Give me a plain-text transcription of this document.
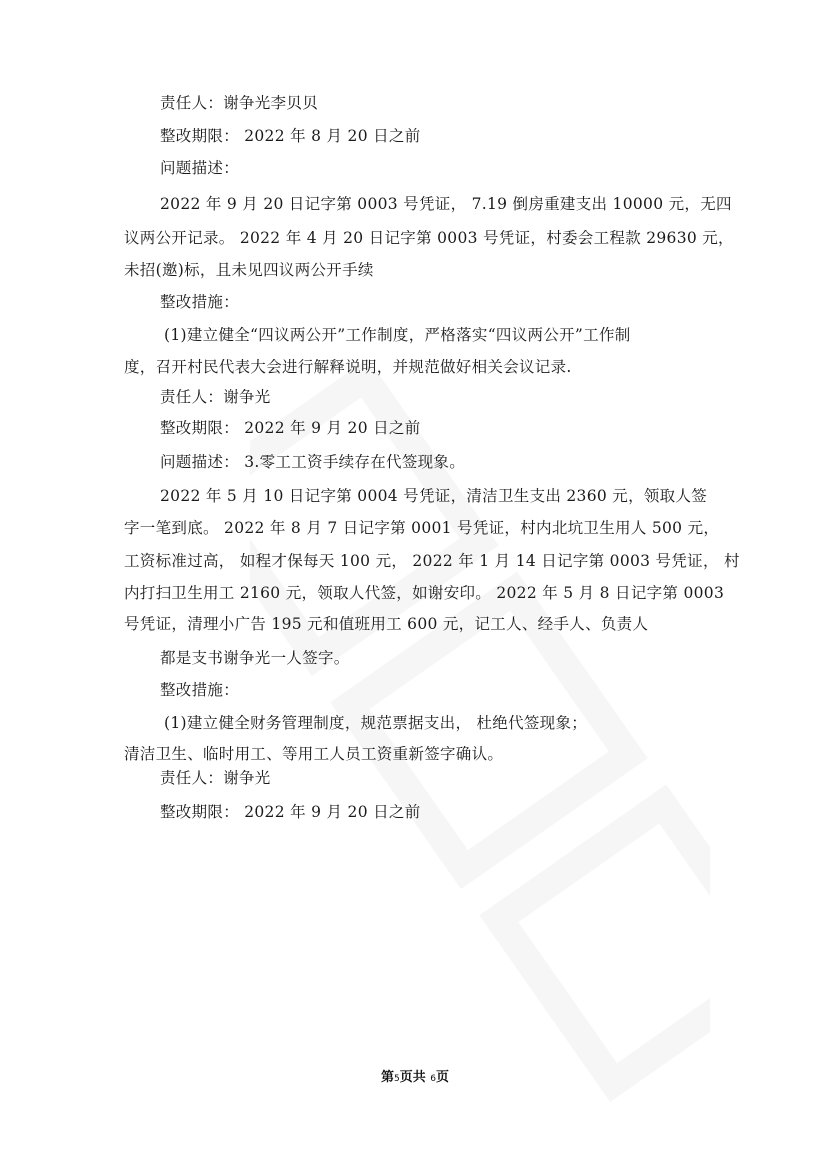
责任人：谢争光李贝贝
整改期限： 2022 年 8 月 20 日之前
问题描述：
2022 年 9 月 20 日记字第 0003 号凭证， 7.19 倒房重建支出 10000 元，无四
议两公开记录。 2022 年 4 月 20 日记字第 0003 号凭证，村委会工程款 29630 元，
未招(邀)标，且未见四议两公开手续
整改措施：
(1)建立健全“四议两公开”工作制度，严格落实“四议两公开”工作制
度，召开村民代表大会进行解释说明，并规范做好相关会议记录.
责任人：谢争光
整改期限： 2022 年 9 月 20 日之前
问题描述： 3.零工工资手续存在代签现象。
2022 年 5 月 10 日记字第 0004 号凭证，清洁卫生支出 2360 元，领取人签
字一笔到底。 2022 年 8 月 7 日记字第 0001 号凭证，村内北坑卫生用人 500 元，
工资标准过高， 如程才保每天 100 元， 2022 年 1 月 14 日记字第 0003 号凭证， 村
内打扫卫生用工 2160 元，领取人代签，如谢安印。 2022 年 5 月 8 日记字第 0003
号凭证，清理小广告 195 元和值班用工 600 元，记工人、经手人、负责人
都是支书谢争光一人签字。
整改措施：
(1)建立健全财务管理制度，规范票据支出， 杜绝代签现象；
清洁卫生、临时用工、等用工人员工资重新签字确认。
责任人：谢争光
整改期限： 2022 年 9 月 20 日之前
第5页共 6页
